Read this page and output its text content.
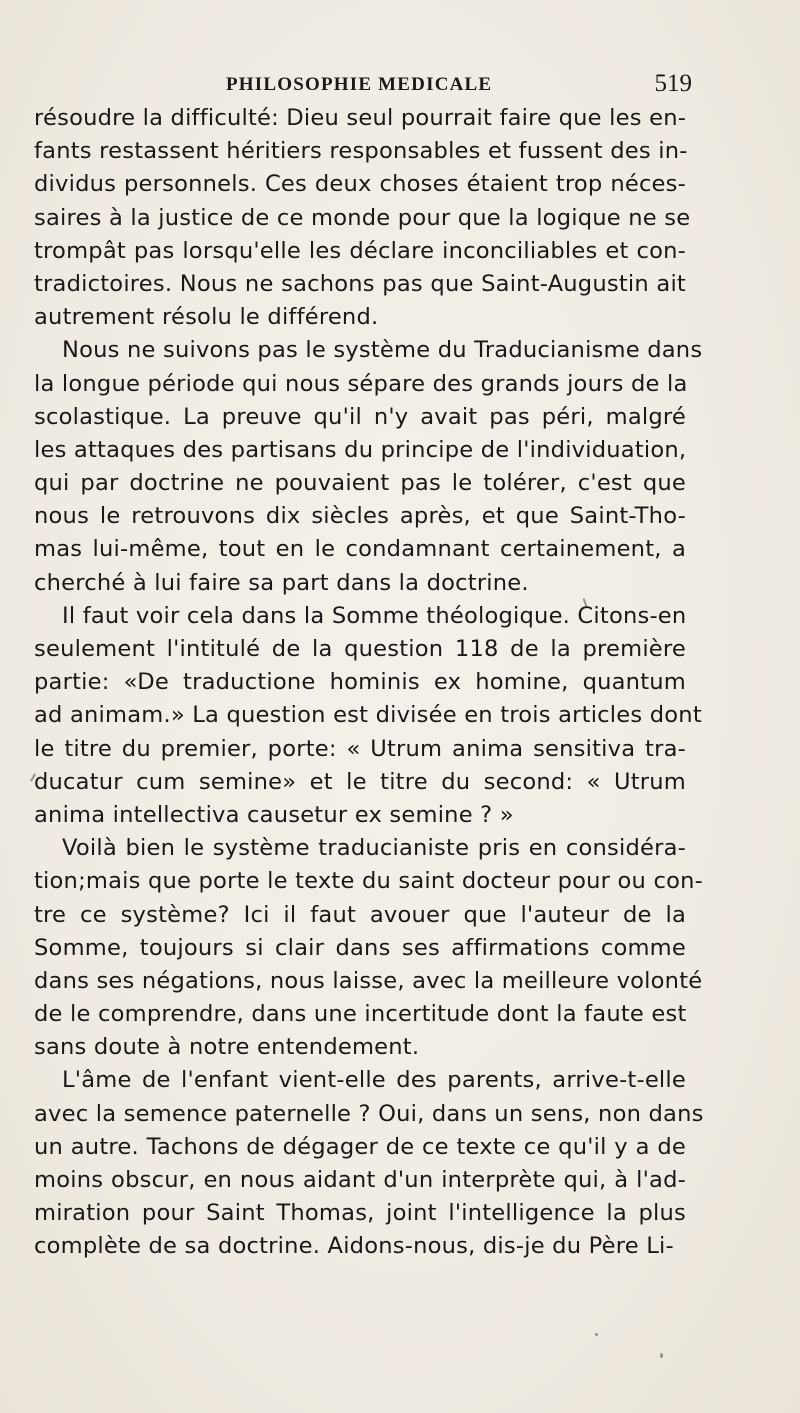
PHILOSOPHIE MEDICALE	519
résoudre la difficulté: Dieu seul pourrait faire que les en-
fants restassent héritiers responsables et fussent des in-
dividus personnels. Ces deux choses étaient trop néces-
saires à la justice de ce monde pour que la logique ne se
trompât pas lorsqu'elle les déclare inconciliables et con-
tradictoires. Nous ne sachons pas que Saint-Augustin ait
autrement résolu le différend.
Nous ne suivons pas le système du Traducianisme dans
la longue période qui nous sépare des grands jours de la
scolastique. La preuve qu'il n'y avait pas péri, malgré
les attaques des partisans du principe de l'individuation,
qui par doctrine ne pouvaient pas le tolérer, c'est que
nous le retrouvons dix siècles après, et que Saint-Tho-
mas lui-même, tout en le condamnant certainement, a
cherché à lui faire sa part dans la doctrine.
Il faut voir cela dans la Somme théologique. Citons-en
seulement l'intitulé de la question 118 de la première
partie: «De traductione hominis ex homine, quantum
ad animam.» La question est divisée en trois articles dont
le titre du premier, porte: « Utrum anima sensitiva tra-
ducatur cum semine» et le titre du second: « Utrum
anima intellectiva causetur ex semine ? »
Voilà bien le système traducianiste pris en considéra-
tion;mais que porte le texte du saint docteur pour ou con-
tre ce système? Ici il faut avouer que l'auteur de la
Somme, toujours si clair dans ses affirmations comme
dans ses négations, nous laisse, avec la meilleure volonté
de le comprendre, dans une incertitude dont la faute est
sans doute à notre entendement.
L'âme de l'enfant vient-elle des parents, arrive-t-elle
avec la semence paternelle ? Oui, dans un sens, non dans
un autre. Tachons de dégager de ce texte ce qu'il y a de
moins obscur, en nous aidant d'un interprète qui, à l'ad-
miration pour Saint Thomas, joint l'intelligence la plus
complète de sa doctrine. Aidons-nous, dis-je du Père Li-
